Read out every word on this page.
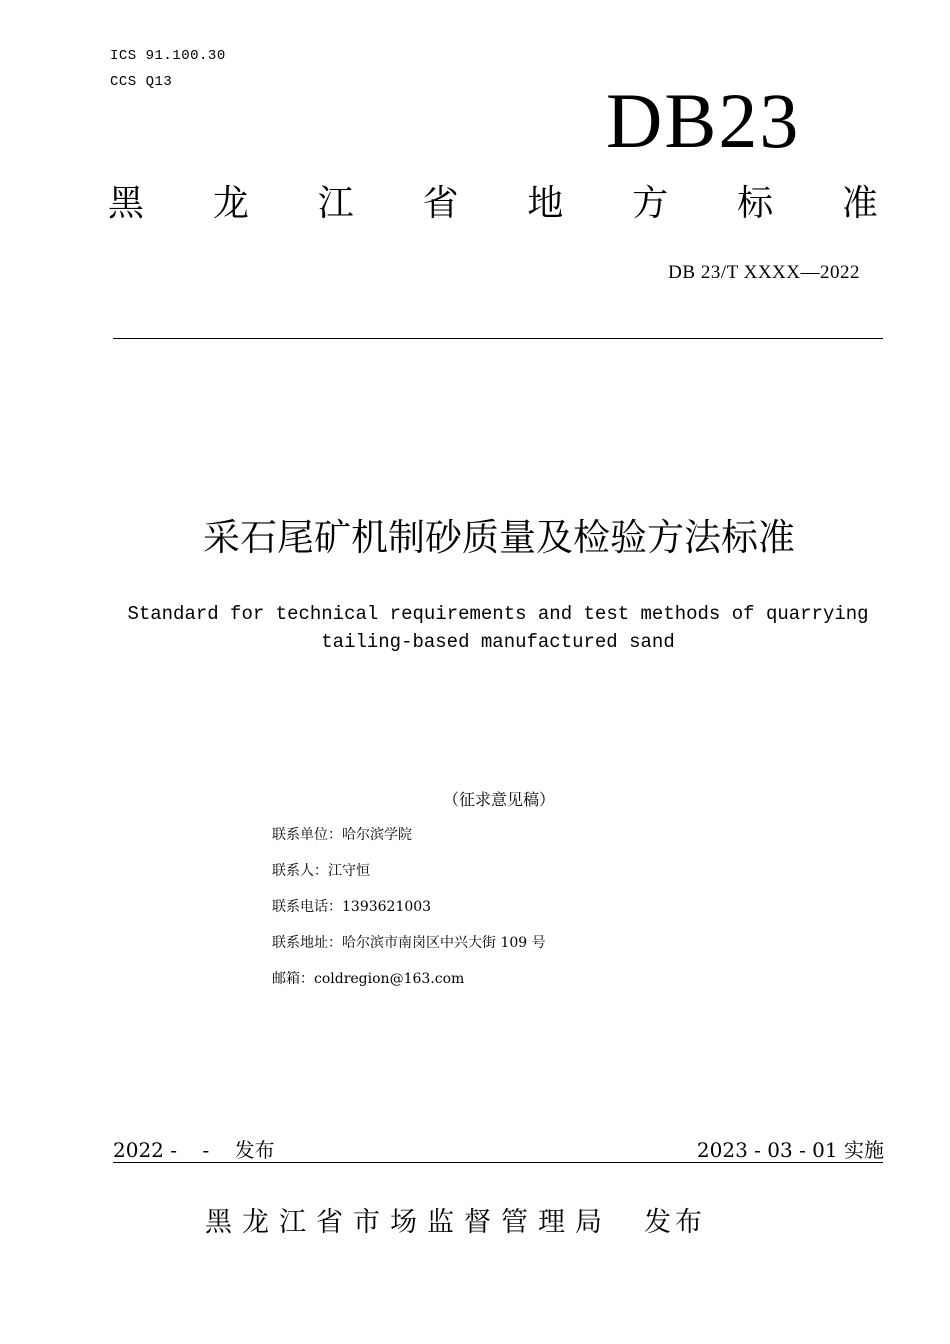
ICS 91.100.30
CCS Q13	DB23
黑 龙 江 省 地 方 标 准
DB 23/T XXXX—2022
采石尾矿机制砂质量及检验方法标准
Standard for technical requirements and test methods of quarrying
tailing-based manufactured sand
（征求意见稿）
联系单位：哈尔滨学院
联系人：江守恒
联系电话：1393621003
联系地址：哈尔滨市南岗区中兴大街 109 号
邮箱：coldregion@163.com
2022 -    -    发布	2023 - 03 - 01 实施
黑龙江省市场监督管理局 发布
